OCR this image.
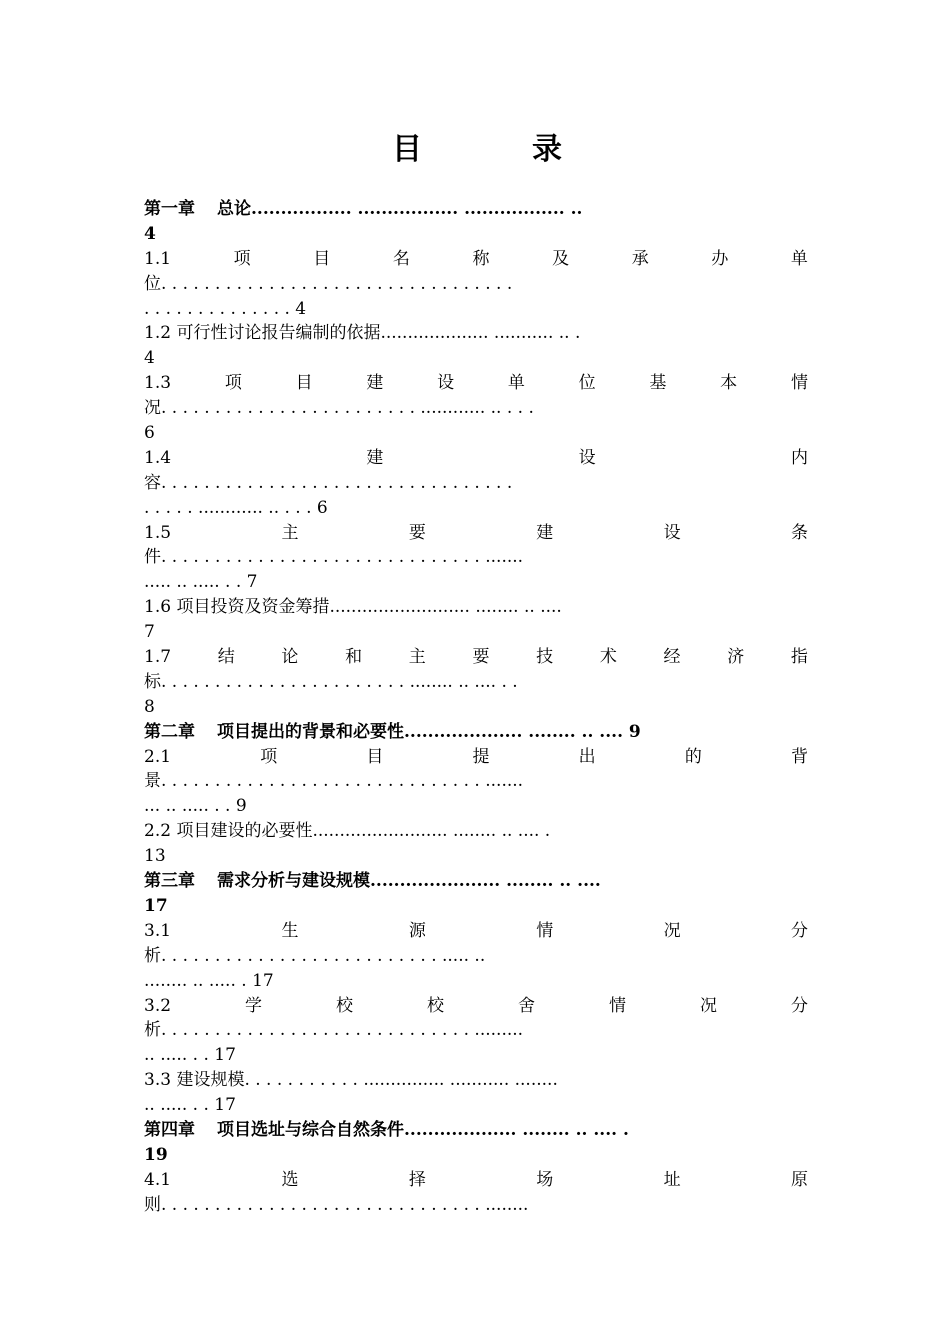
目	录
第一章 总论................. ................. ................. ..
4
1.1	项	目	名	称	及	承	办	单
位. . . . . . . . . . . . . . . . . . . . . . . . . . . . . . . . .
. . . . . . . . . . . . . . 4
1.2 可行性讨论报告编制的依据.................... ........... .. .
4
1.3	项	目	建	设	单	位	基	本	情
况. . . . . . . . . . . . . . . . . . . . . . . . ............ .. . . .
6
1.4	建	设	内
容. . . . . . . . . . . . . . . . . . . . . . . . . . . . . . . . .
. . . . . ............ .. . . . 6
1.5	主	要	建	设	条
件. . . . . . . . . . . . . . . . . . . . . . . . . . . . . . .......
..... .. ..... . . 7
1.6 项目投资及资金筹措.......................... ........ .. ....
7
1.7	结	论	和	主	要	技	术	经	济	指
标. . . . . . . . . . . . . . . . . . . . . . . ........ .. .... . .
8
第二章 项目提出的背景和必要性.................... ........ .. .... 9
2.1	项	目	提	出	的	背
景. . . . . . . . . . . . . . . . . . . . . . . . . . . . . . .......
... .. ..... . . 9
2.2 项目建设的必要性......................... ........ .. .... .
13
第三章 需求分析与建设规模...................... ........ .. ....
17
3.1	生	源	情	况	分
析. . . . . . . . . . . . . . . . . . . . . . . . . . ..... ..
........ .. ..... . 17
3.2	学	校	校	舍	情	况	分
析. . . . . . . . . . . . . . . . . . . . . . . . . . . . . .........
.. ..... . . 17
3.3 建设规模. . . . . . . . . . . ............... ........... ........
.. ..... . . 17
第四章 项目选址与综合自然条件................... ........ .. .... .
19
4.1	选	择	场	址	原
则. . . . . . . . . . . . . . . . . . . . . . . . . . . . . . ........
